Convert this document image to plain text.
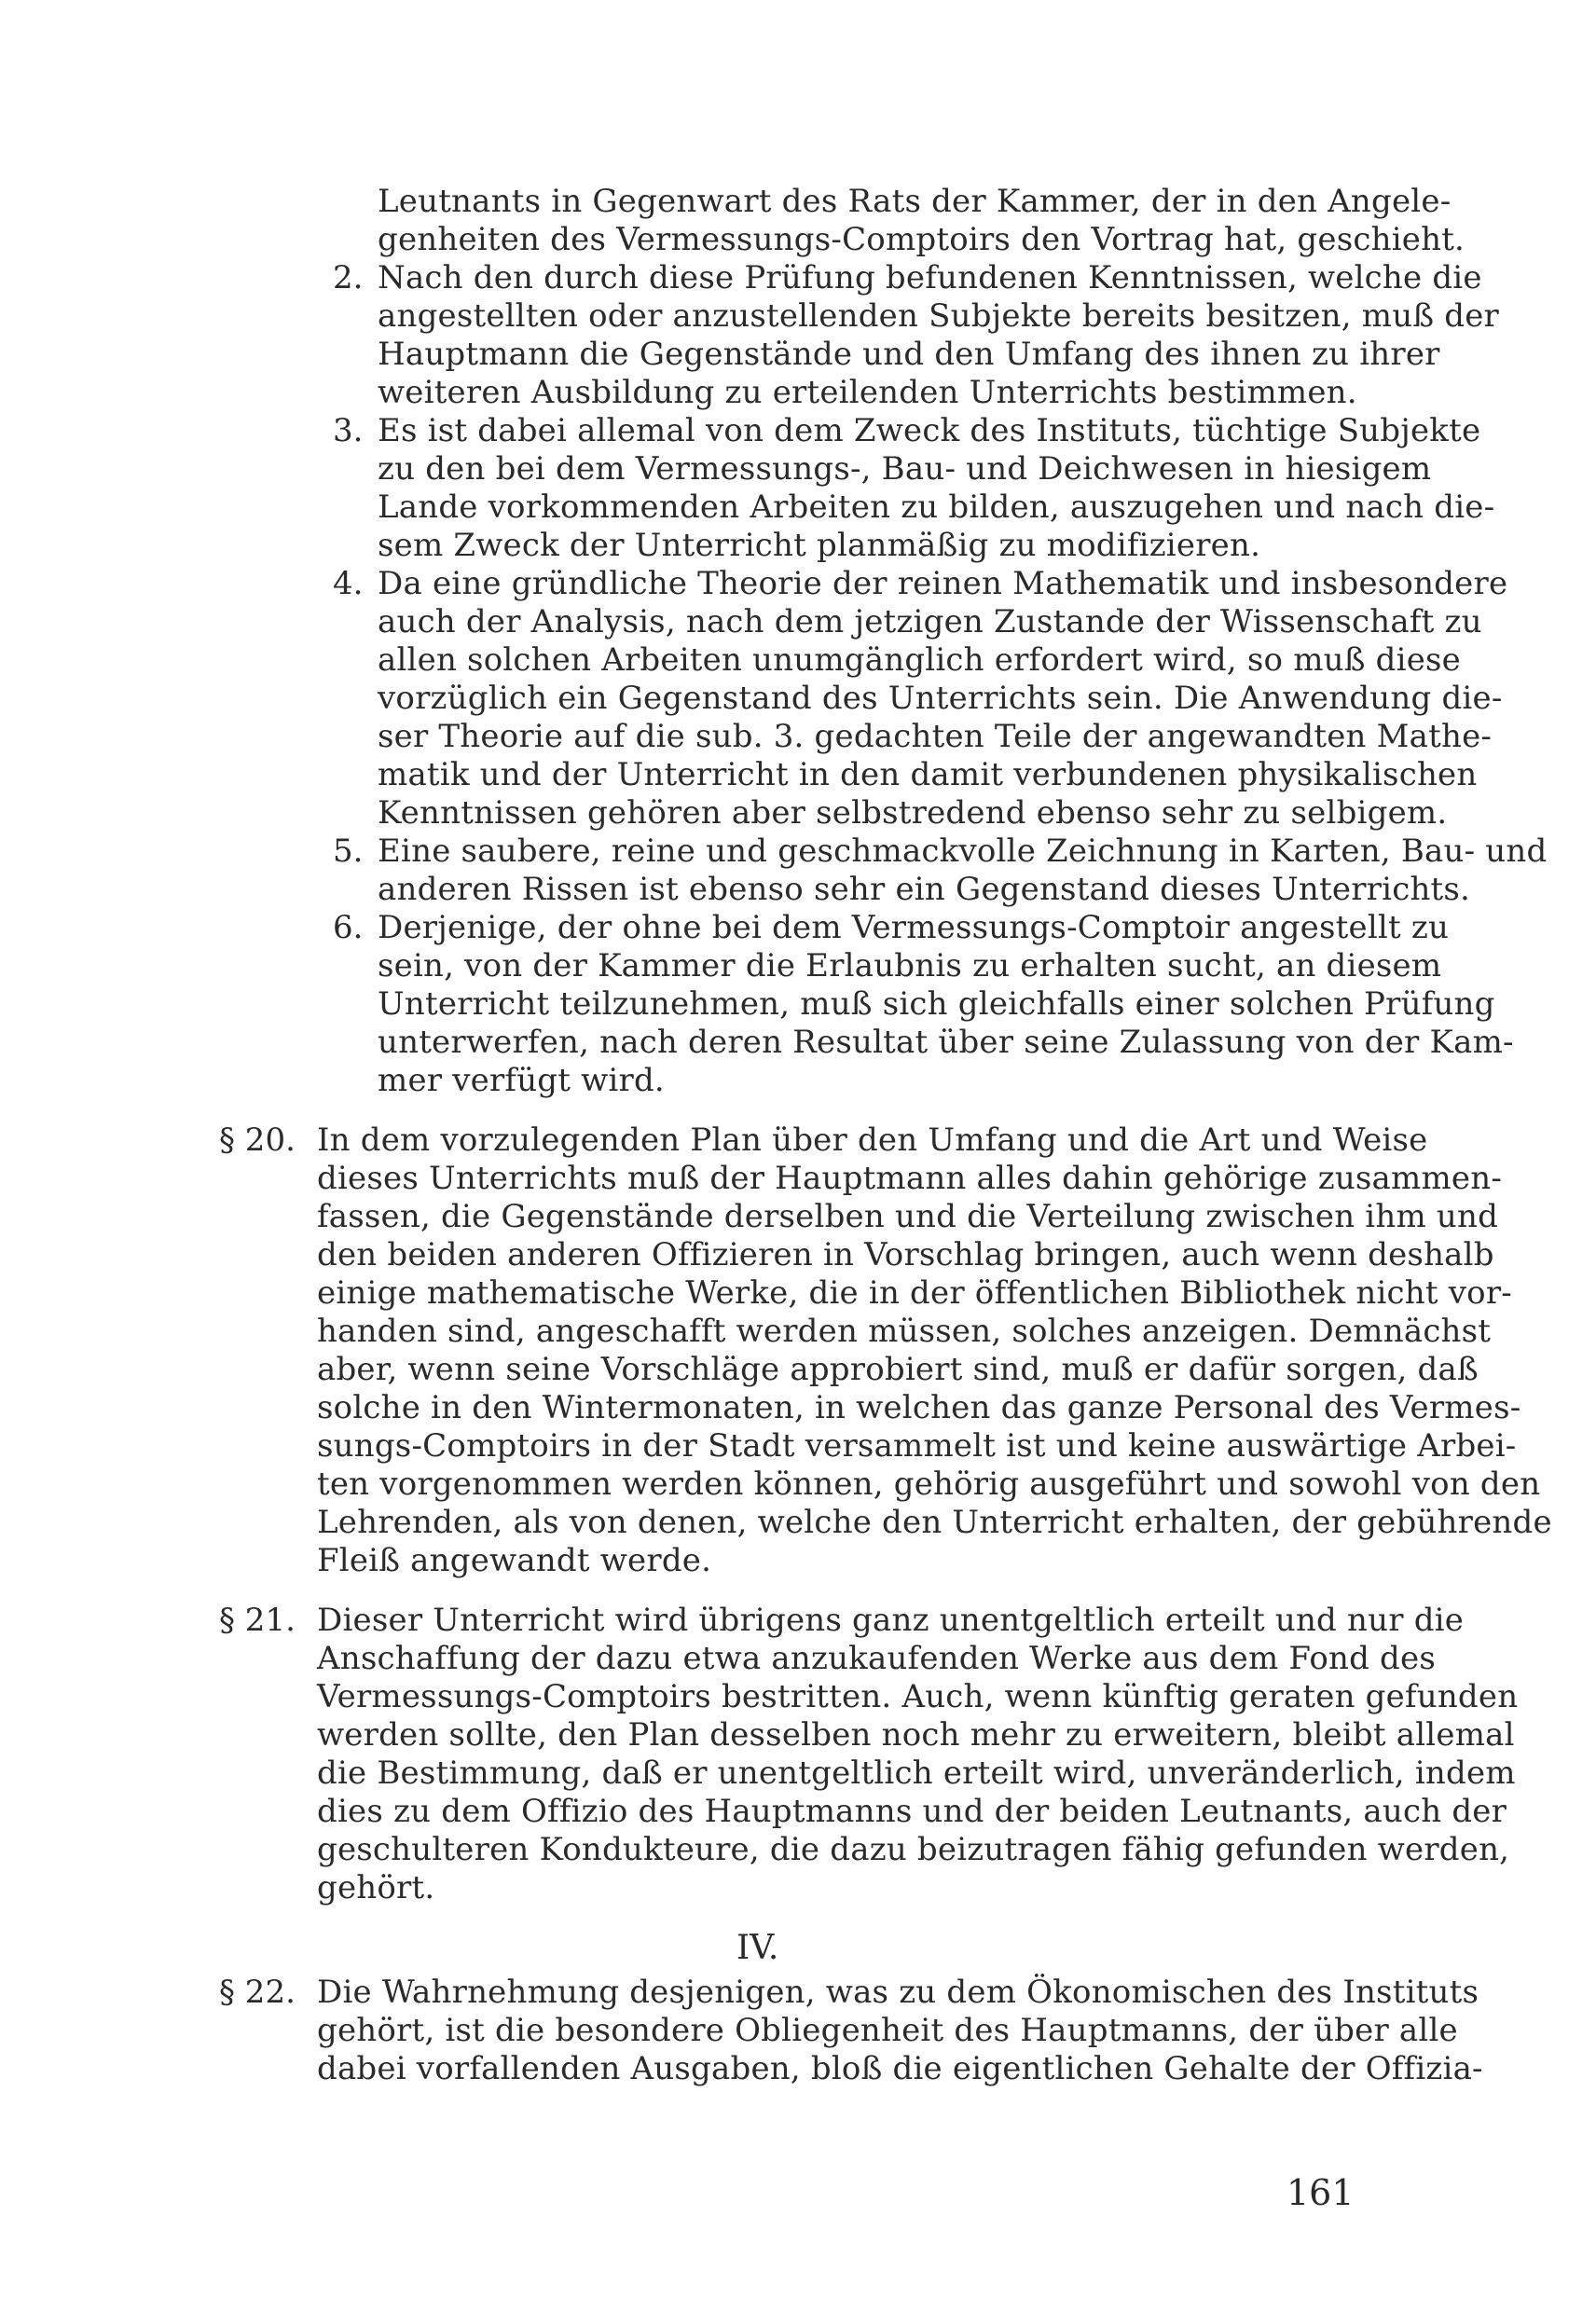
Leutnants in Gegenwart des Rats der Kammer, der in den Angele-
genheiten des Vermessungs-Comptoirs den Vortrag hat, geschieht.
2. Nach den durch diese Prüfung befundenen Kenntnissen, welche die
angestellten oder anzustellenden Subjekte bereits besitzen, muß der
Hauptmann die Gegenstände und den Umfang des ihnen zu ihrer
weiteren Ausbildung zu erteilenden Unterrichts bestimmen.
3. Es ist dabei allemal von dem Zweck des Instituts, tüchtige Subjekte
zu den bei dem Vermessungs-, Bau- und Deichwesen in hiesigem
Lande vorkommenden Arbeiten zu bilden, auszugehen und nach die-
sem Zweck der Unterricht planmäßig zu modifizieren.
4. Da eine gründliche Theorie der reinen Mathematik und insbesondere
auch der Analysis, nach dem jetzigen Zustande der Wissenschaft zu
allen solchen Arbeiten unumgänglich erfordert wird, so muß diese
vorzüglich ein Gegenstand des Unterrichts sein. Die Anwendung die-
ser Theorie auf die sub. 3. gedachten Teile der angewandten Mathe-
matik und der Unterricht in den damit verbundenen physikalischen
Kenntnissen gehören aber selbstredend ebenso sehr zu selbigem.
5. Eine saubere, reine und geschmackvolle Zeichnung in Karten, Bau- und
anderen Rissen ist ebenso sehr ein Gegenstand dieses Unterrichts.
6. Derjenige, der ohne bei dem Vermessungs-Comptoir angestellt zu
sein, von der Kammer die Erlaubnis zu erhalten sucht, an diesem
Unterricht teilzunehmen, muß sich gleichfalls einer solchen Prüfung
unterwerfen, nach deren Resultat über seine Zulassung von der Kam-
mer verfügt wird.
§ 20. In dem vorzulegenden Plan über den Umfang und die Art und Weise
dieses Unterrichts muß der Hauptmann alles dahin gehörige zusammen-
fassen, die Gegenstände derselben und die Verteilung zwischen ihm und
den beiden anderen Offizieren in Vorschlag bringen, auch wenn deshalb
einige mathematische Werke, die in der öffentlichen Bibliothek nicht vor-
handen sind, angeschafft werden müssen, solches anzeigen. Demnächst
aber, wenn seine Vorschläge approbiert sind, muß er dafür sorgen, daß
solche in den Wintermonaten, in welchen das ganze Personal des Vermes-
sungs-Comptoirs in der Stadt versammelt ist und keine auswärtige Arbei-
ten vorgenommen werden können, gehörig ausgeführt und sowohl von den
Lehrenden, als von denen, welche den Unterricht erhalten, der gebührende
Fleiß angewandt werde.
§ 21. Dieser Unterricht wird übrigens ganz unentgeltlich erteilt und nur die
Anschaffung der dazu etwa anzukaufenden Werke aus dem Fond des
Vermessungs-Comptoirs bestritten. Auch, wenn künftig geraten gefunden
werden sollte, den Plan desselben noch mehr zu erweitern, bleibt allemal
die Bestimmung, daß er unentgeltlich erteilt wird, unveränderlich, indem
dies zu dem Offizio des Hauptmanns und der beiden Leutnants, auch der
geschulteren Kondukteure, die dazu beizutragen fähig gefunden werden,
gehört.
IV.
§ 22. Die Wahrnehmung desjenigen, was zu dem Ökonomischen des Instituts
gehört, ist die besondere Obliegenheit des Hauptmanns, der über alle
dabei vorfallenden Ausgaben, bloß die eigentlichen Gehalte der Offizia-
161
